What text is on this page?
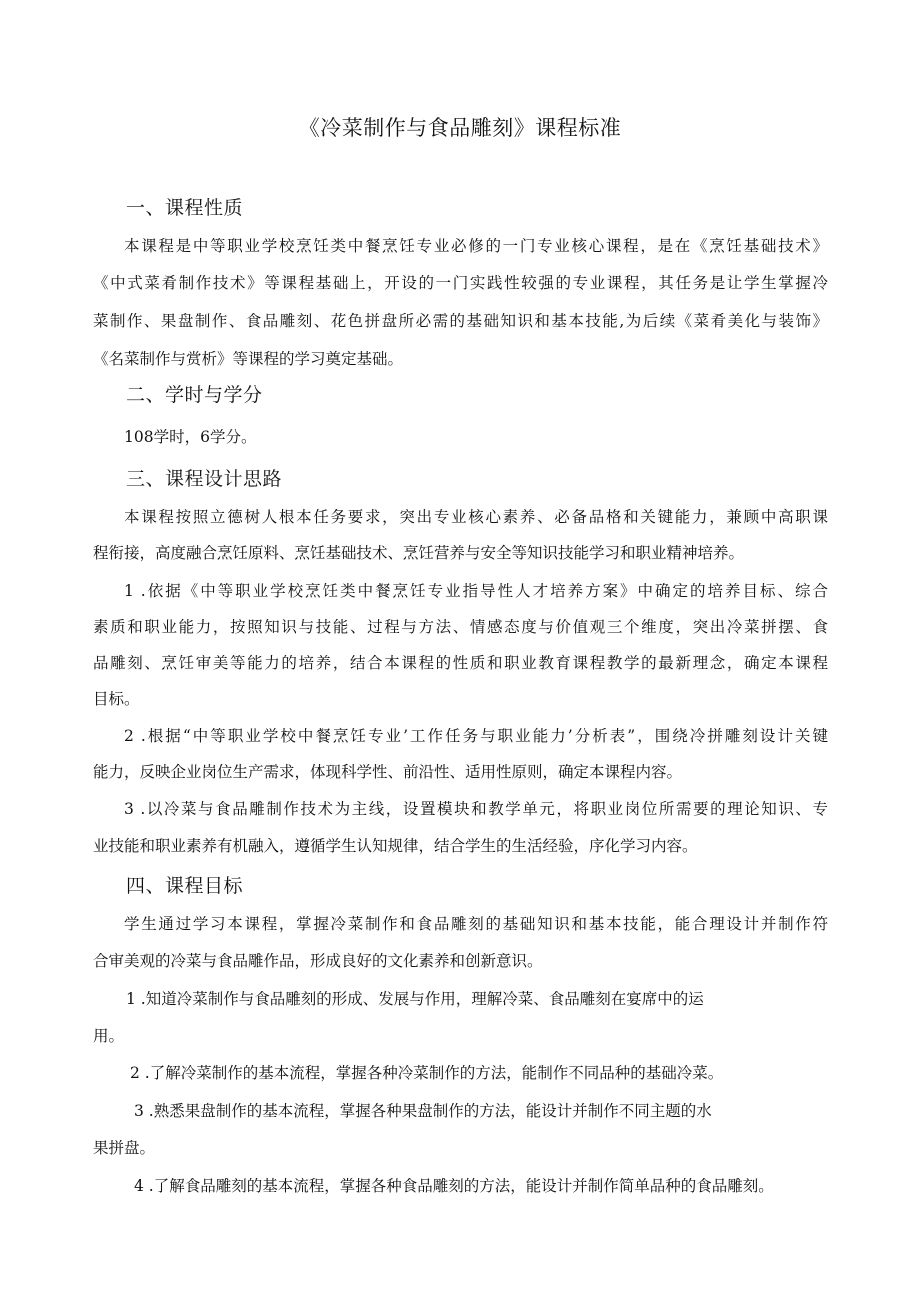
《冷菜制作与食品雕刻》课程标准
一、课程性质
本课程是中等职业学校烹饪类中餐烹饪专业必修的一门专业核心课程，是在《烹饪基础技术》
《中式菜肴制作技术》等课程基础上，开设的一门实践性较强的专业课程，其任务是让学生掌握冷
菜制作、果盘制作、食品雕刻、花色拼盘所必需的基础知识和基本技能,为后续《菜肴美化与装饰》
《名菜制作与赏析》等课程的学习奠定基础。
二、学时与学分
108学时，6学分。
三、课程设计思路
本课程按照立德树人根本任务要求，突出专业核心素养、必备品格和关键能力，兼顾中高职课
程衔接，高度融合烹饪原料、烹饪基础技术、烹饪营养与安全等知识技能学习和职业精神培养。
1 .依据《中等职业学校烹饪类中餐烹饪专业指导性人才培养方案》中确定的培养目标、综合
素质和职业能力，按照知识与技能、过程与方法、情感态度与价值观三个维度，突出冷菜拼摆、食
品雕刻、烹饪审美等能力的培养，结合本课程的性质和职业教育课程教学的最新理念，确定本课程
目标。
2 .根据“中等职业学校中餐烹饪专业’工作任务与职业能力’分析表”，围绕冷拼雕刻设计关键
能力，反映企业岗位生产需求，体现科学性、前沿性、适用性原则，确定本课程内容。
3 .以冷菜与食品雕制作技术为主线，设置模块和教学单元，将职业岗位所需要的理论知识、专
业技能和职业素养有机融入，遵循学生认知规律，结合学生的生活经验，序化学习内容。
四、课程目标
学生通过学习本课程，掌握冷菜制作和食品雕刻的基础知识和基本技能，能合理设计并制作符
合审美观的冷菜与食品雕作品，形成良好的文化素养和创新意识。
1 .知道冷菜制作与食品雕刻的形成、发展与作用，理解冷菜、食品雕刻在宴席中的运
用。
2 .了解冷菜制作的基本流程，掌握各种冷菜制作的方法，能制作不同品种的基础冷菜。
3 .熟悉果盘制作的基本流程，掌握各种果盘制作的方法，能设计并制作不同主题的水
果拼盘。
4 .了解食品雕刻的基本流程，掌握各种食品雕刻的方法，能设计并制作简单品种的食品雕刻。
